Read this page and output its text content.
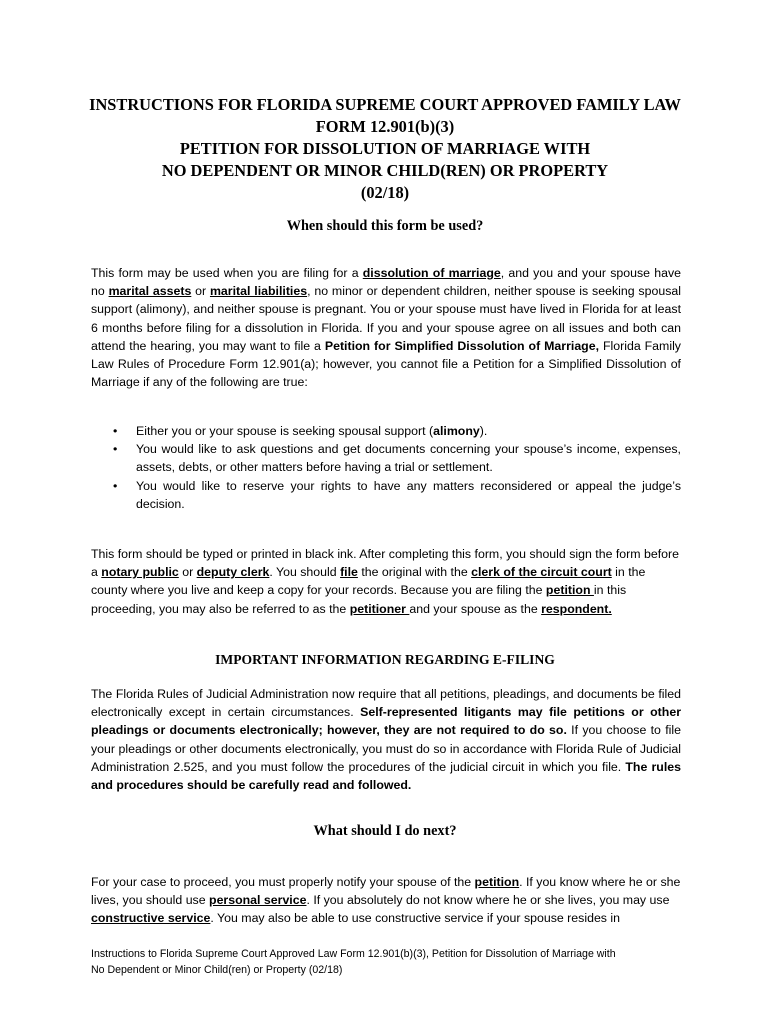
INSTRUCTIONS FOR FLORIDA SUPREME COURT APPROVED FAMILY LAW
FORM 12.901(b)(3)
PETITION FOR DISSOLUTION OF MARRIAGE WITH
NO DEPENDENT OR MINOR CHILD(REN) OR PROPERTY
(02/18)
When should this form be used?

This form may be used when you are filing for a dissolution of marriage, and you and your spouse have no marital assets or marital liabilities, no minor or dependent children, neither spouse is seeking spousal support (alimony), and neither spouse is pregnant. You or your spouse must have lived in Florida for at least 6 months before filing for a dissolution in Florida. If you and your spouse agree on all issues and both can attend the hearing, you may want to file a Petition for Simplified Dissolution of Marriage, Florida Family Law Rules of Procedure Form 12.901(a); however, you cannot file a Petition for a Simplified Dissolution of Marriage if any of the following are true:

• Either you or your spouse is seeking spousal support (alimony).
• You would like to ask questions and get documents concerning your spouse’s income, expenses, assets, debts, or other matters before having a trial or settlement.
• You would like to reserve your rights to have any matters reconsidered or appeal the judge’s decision.

This form should be typed or printed in black ink. After completing this form, you should sign the form before a notary public or deputy clerk. You should file the original with the clerk of the circuit court in the county where you live and keep a copy for your records. Because you are filing the petition in this proceeding, you may also be referred to as the petitioner and your spouse as the respondent.

IMPORTANT INFORMATION REGARDING E-FILING

The Florida Rules of Judicial Administration now require that all petitions, pleadings, and documents be filed electronically except in certain circumstances. Self-represented litigants may file petitions or other pleadings or documents electronically; however, they are not required to do so. If you choose to file your pleadings or other documents electronically, you must do so in accordance with Florida Rule of Judicial Administration 2.525, and you must follow the procedures of the judicial circuit in which you file. The rules and procedures should be carefully read and followed.

What should I do next?

For your case to proceed, you must properly notify your spouse of the petition. If you know where he or she lives, you should use personal service. If you absolutely do not know where he or she lives, you may use constructive service. You may also be able to use constructive service if your spouse resides in

Instructions to Florida Supreme Court Approved Law Form 12.901(b)(3), Petition for Dissolution of Marriage with
No Dependent or Minor Child(ren) or Property (02/18)
